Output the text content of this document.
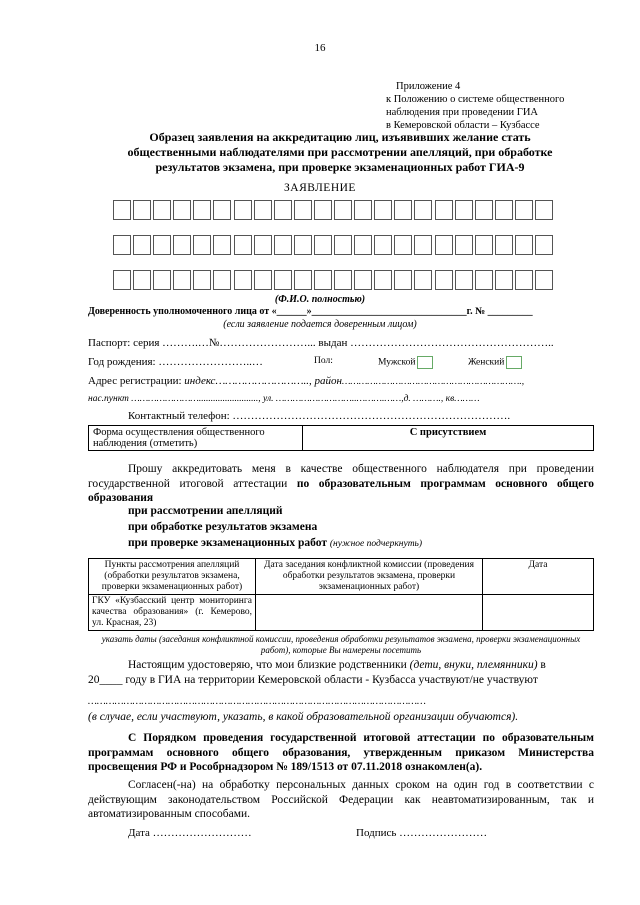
16
Приложение 4
к Положению о системе общественного
наблюдения при проведении ГИА
в Кемеровской области – Кузбассе
Образец заявления на аккредитацию лиц, изъявивших желание стать
общественными наблюдателями при рассмотрении апелляций, при обработке
результатов экзамена, при проверке экзаменационных работ ГИА-9
ЗАЯВЛЕНИЕ
(Ф.И.О. полностью)
Доверенность уполномоченного лица от «______»_______________________________г. № _________
(если заявление подается доверенным лицом)
Паспорт: серия ……….…№……………………... выдан ………………………………………………..
Год рождения: ……………………..…	Пол:	Мужской	Женский
Адрес регистрации: индекс……………………….., район……………………………………………………….,
нас.пункт ……………………........................., ул. ………………………..……….……,д. ………., кв………
Контактный телефон: ………………………………………………………………….
Форма осуществления общественного наблюдения (отметить)	С присутствием
Прошу аккредитовать меня в качестве общественного наблюдателя при проведении государственной итоговой аттестации по образовательным программам основного общего образования
при рассмотрении апелляций
при обработке результатов экзамена
при проверке экзаменационных работ (нужное подчеркнуть)
Пункты рассмотрения апелляций (обработки результатов экзамена, проверки экзаменационных работ)	Дата заседания конфликтной комиссии (проведения обработки результатов экзамена, проверки экзаменационных работ)	Дата
ГКУ «Кузбасский центр мониторинга качества образования» (г. Кемерово, ул. Красная, 23)		
указать даты (заседания конфликтной комиссии, проведения обработки результатов экзамена, проверки экзаменационных работ), которые Вы намерены посетить
Настоящим удостоверяю, что мои близкие родственники (дети, внуки, племянники) в
20____ году в ГИА на территории Кемеровской области - Кузбасса участвуют/не участвуют
……………………………………………………………………………………………………
(в случае, если участвуют, указать, в какой образовательной организации обучаются).
С Порядком проведения государственной итоговой аттестации по образовательным программам основного общего образования, утвержденным приказом Министерства просвещения РФ и Рособрнадзором № 189/1513 от 07.11.2018 ознакомлен(а).
Согласен(-на) на обработку персональных данных сроком на один год в соответствии с действующим законодательством Российской Федерации как неавтоматизированным, так и автоматизированным способами.
Дата ………………………	Подпись ……………………
